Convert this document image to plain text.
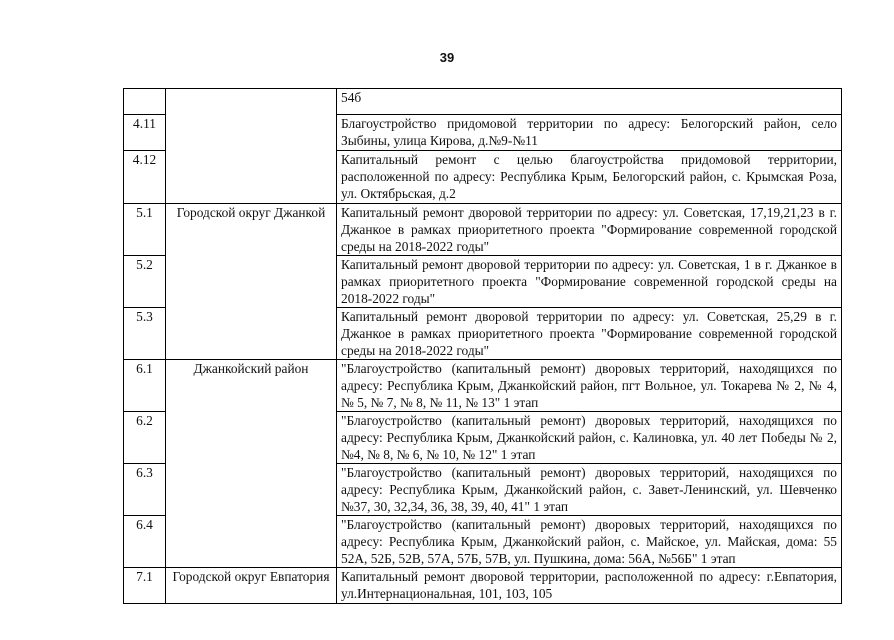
39
		54б
4.11		Благоустройство придомовой территории по адресу: Белогорский район, село Зыбины, улица Кирова, д.№9-№11
4.12		Капитальный ремонт с целью благоустройства придомовой территории, расположенной по адресу: Республика Крым, Белогорский район, с. Крымская Роза, ул. Октябрьская, д.2
5.1	Городской округ Джанкой	Капитальный ремонт дворовой территории по адресу: ул. Советская, 17,19,21,23 в г. Джанкое в рамках приоритетного проекта "Формирование современной городской среды на 2018-2022 годы"
5.2		Капитальный ремонт дворовой территории по адресу: ул. Советская, 1 в г. Джанкое в рамках приоритетного проекта "Формирование современной городской среды на 2018-2022 годы"
5.3		Капитальный ремонт дворовой территории по адресу: ул. Советская, 25,29 в г. Джанкое в рамках приоритетного проекта "Формирование современной городской среды на 2018-2022 годы"
6.1	Джанкойский район	"Благоустройство (капитальный ремонт) дворовых территорий, находящихся по адресу: Республика Крым, Джанкойский район, пгт Вольное, ул. Токарева № 2, № 4, № 5, № 7, № 8, № 11, № 13" 1 этап
6.2		"Благоустройство (капитальный ремонт) дворовых территорий, находящихся по адресу: Республика Крым, Джанкойский район, с. Калиновка, ул. 40 лет Победы № 2, №4, № 8, № 6, № 10, № 12" 1 этап
6.3		"Благоустройство (капитальный ремонт) дворовых территорий, находящихся по адресу: Республика Крым, Джанкойский район, с. Завет-Ленинский, ул. Шевченко №37, 30, 32,34, 36, 38, 39, 40, 41" 1 этап
6.4		"Благоустройство (капитальный ремонт) дворовых территорий, находящихся по адресу: Республика Крым, Джанкойский район, с. Майское, ул. Майская, дома: 55 52А, 52Б, 52В, 57А, 57Б, 57В, ул. Пушкина, дома: 56А, №56Б" 1 этап
7.1	Городской округ Евпатория	Капитальный ремонт дворовой территории, расположенной по адресу: г.Евпатория, ул.Интернациональная, 101, 103, 105
